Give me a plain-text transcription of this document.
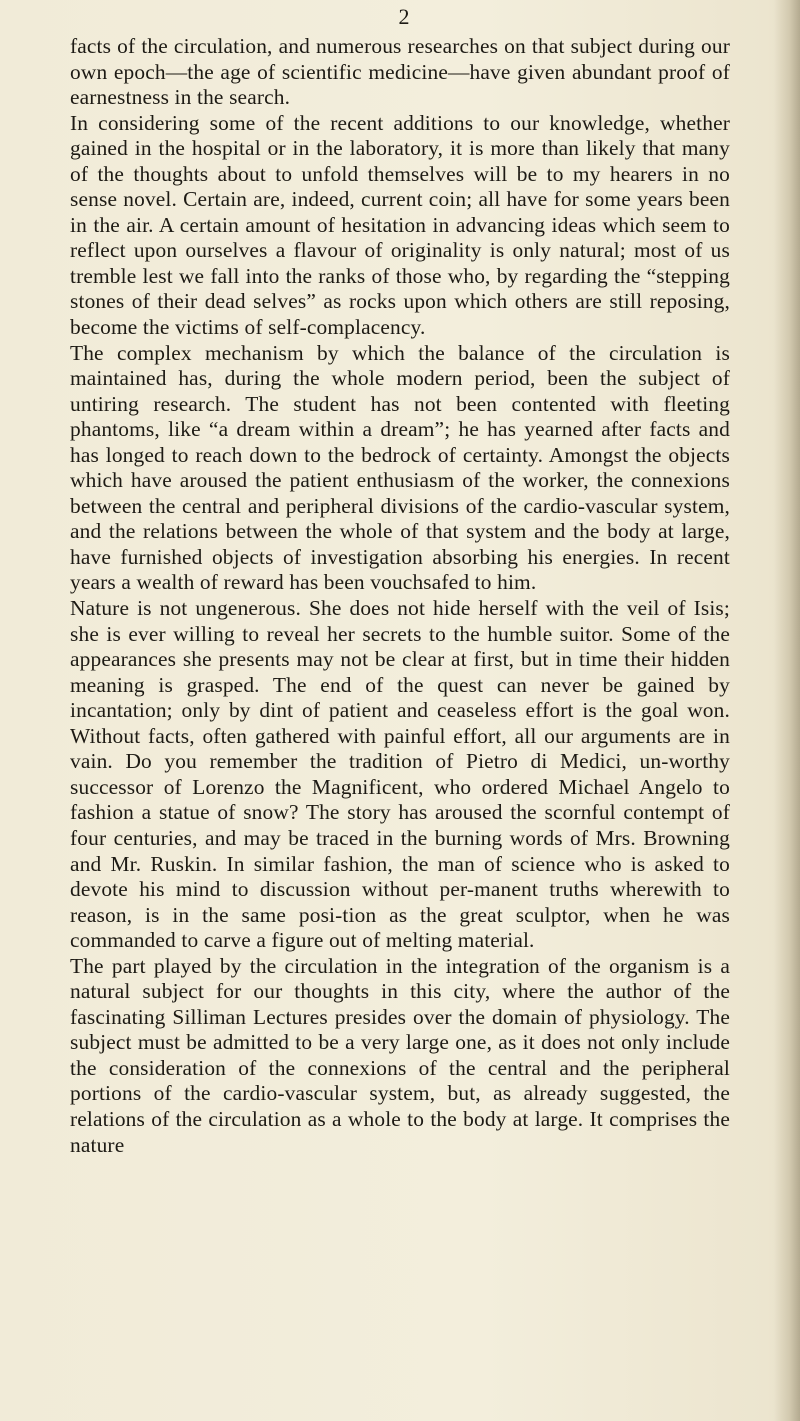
2

facts of the circulation, and numerous researches on that subject during our own epoch—the age of scientific medicine—have given abundant proof of earnestness in the search.

In considering some of the recent additions to our knowledge, whether gained in the hospital or in the laboratory, it is more than likely that many of the thoughts about to unfold themselves will be to my hearers in no sense novel. Certain are, indeed, current coin; all have for some years been in the air. A certain amount of hesitation in advancing ideas which seem to reflect upon ourselves a flavour of originality is only natural; most of us tremble lest we fall into the ranks of those who, by regarding the “stepping stones of their dead selves” as rocks upon which others are still reposing, become the victims of self-complacency.

The complex mechanism by which the balance of the circulation is maintained has, during the whole modern period, been the subject of untiring research. The student has not been contented with fleeting phantoms, like “a dream within a dream”; he has yearned after facts and has longed to reach down to the bedrock of certainty. Amongst the objects which have aroused the patient enthusiasm of the worker, the connexions between the central and peripheral divisions of the cardio-vascular system, and the relations between the whole of that system and the body at large, have furnished objects of investigation absorbing his energies. In recent years a wealth of reward has been vouchsafed to him.

Nature is not ungenerous. She does not hide herself with the veil of Isis; she is ever willing to reveal her secrets to the humble suitor. Some of the appearances she presents may not be clear at first, but in time their hidden meaning is grasped. The end of the quest can never be gained by incantation; only by dint of patient and ceaseless effort is the goal won. Without facts, often gathered with painful effort, all our arguments are in vain. Do you remember the tradition of Pietro di Medici, un-worthy successor of Lorenzo the Magnificent, who ordered Michael Angelo to fashion a statue of snow? The story has aroused the scornful contempt of four centuries, and may be traced in the burning words of Mrs. Browning and Mr. Ruskin. In similar fashion, the man of science who is asked to devote his mind to discussion without per-manent truths wherewith to reason, is in the same posi-tion as the great sculptor, when he was commanded to carve a figure out of melting material.

The part played by the circulation in the integration of the organism is a natural subject for our thoughts in this city, where the author of the fascinating Silliman Lectures presides over the domain of physiology. The subject must be admitted to be a very large one, as it does not only include the consideration of the connexions of the central and the peripheral portions of the cardio-vascular system, but, as already suggested, the relations of the circulation as a whole to the body at large. It comprises the nature
